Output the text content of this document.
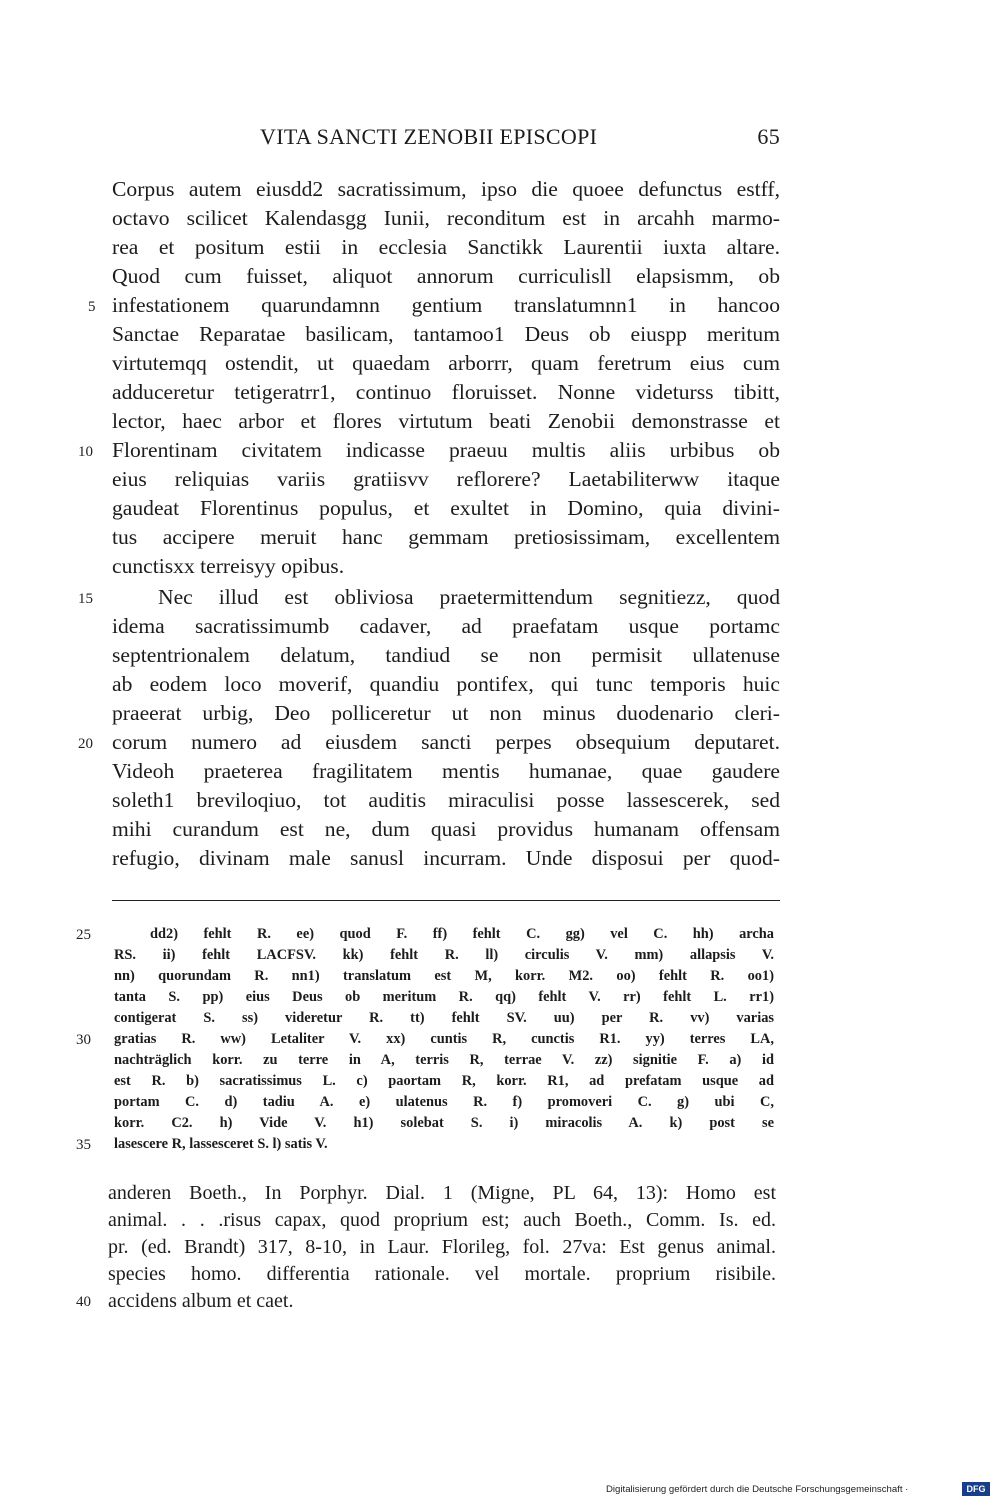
VITA SANCTI ZENOBII EPISCOPI	65
Corpus autem eiusdd2 sacratissimum, ipso die quoee defunctus estff,
octavo scilicet Kalendasgg Iunii, reconditum est in arcahh marmo-
rea et positum estii in ecclesia Sanctikk Laurentii iuxta altare.
Quod cum fuisset, aliquot annorum curriculisll elapsismm, ob
infestationem quarundamnn gentium translatumnn1 in hancoo
Sanctae Reparatae basilicam, tantamoo1 Deus ob eiuspp meritum
virtutemqq ostendit, ut quaedam arborrr, quam feretrum eius cum
adduceretur tetigeratrr1, continuo floruisset. Nonne videturss tibitt,
lector, haec arbor et flores virtutum beati Zenobii demonstrasse et
Florentinam civitatem indicasse praeuu multis aliis urbibus ob
eius reliquias variis gratiisvv reflorere? Laetabiliterww itaque
gaudeat Florentinus populus, et exultet in Domino, quia divini-
tus accipere meruit hanc gemmam pretiosissimam, excellentem
cunctisxx terreisyy opibus.
Nec illud est obliviosa praetermittendum segnitiezz, quod
idema sacratissimumb cadaver, ad praefatam usque portamc
septentrionalem delatum, tandiud se non permisit ullatenuse
ab eodem loco moverif, quandiu pontifex, qui tunc temporis huic
praeerat urbig, Deo polliceretur ut non minus duodenario cleri-
corum numero ad eiusdem sancti perpes obsequium deputaret.
Videoh praeterea fragilitatem mentis humanae, quae gaudere
soleth1 breviloqiuo, tot auditis miraculisi posse lassescerek, sed
mihi curandum est ne, dum quasi providus humanam offensam
refugio, divinam male sanusl incurram. Unde disposui per quod-
5
10
15
20
dd2) fehlt R. ee) quod F. ff) fehlt C. gg) vel C. hh) archa
RS. ii) fehlt LACFSV. kk) fehlt R. ll) circulis V. mm) allapsis V.
nn) quorundam R. nn1) translatum est M, korr. M2. oo) fehlt R. oo1)
tanta S. pp) eius Deus ob meritum R. qq) fehlt V. rr) fehlt L. rr1)
contigerat S. ss) videretur R. tt) fehlt SV. uu) per R. vv) varias
gratias R. ww) Letaliter V. xx) cuntis R, cunctis R1. yy) terres LA,
nachträglich korr. zu terre in A, terris R, terrae V. zz) signitie F. a) id
est R. b) sacratissimus L. c) paortam R, korr. R1, ad prefatam usque ad
portam C. d) tadiu A. e) ulatenus R. f) promoveri C. g) ubi C,
korr. C2. h) Vide V. h1) solebat S. i) miracolis A. k) post se
lasescere R, lassesceret S. l) satis V.
25
30
35
anderen Boeth., In Porphyr. Dial. 1 (Migne, PL 64, 13): Homo est
animal. . . .risus capax, quod proprium est; auch Boeth., Comm. Is. ed.
pr. (ed. Brandt) 317, 8-10, in Laur. Florileg, fol. 27va: Est genus animal.
species homo. differentia rationale. vel mortale. proprium risibile.
accidens album et caet.
40
Digitalisierung gefördert durch die Deutsche Forschungsgemeinschaft ·	DFG
